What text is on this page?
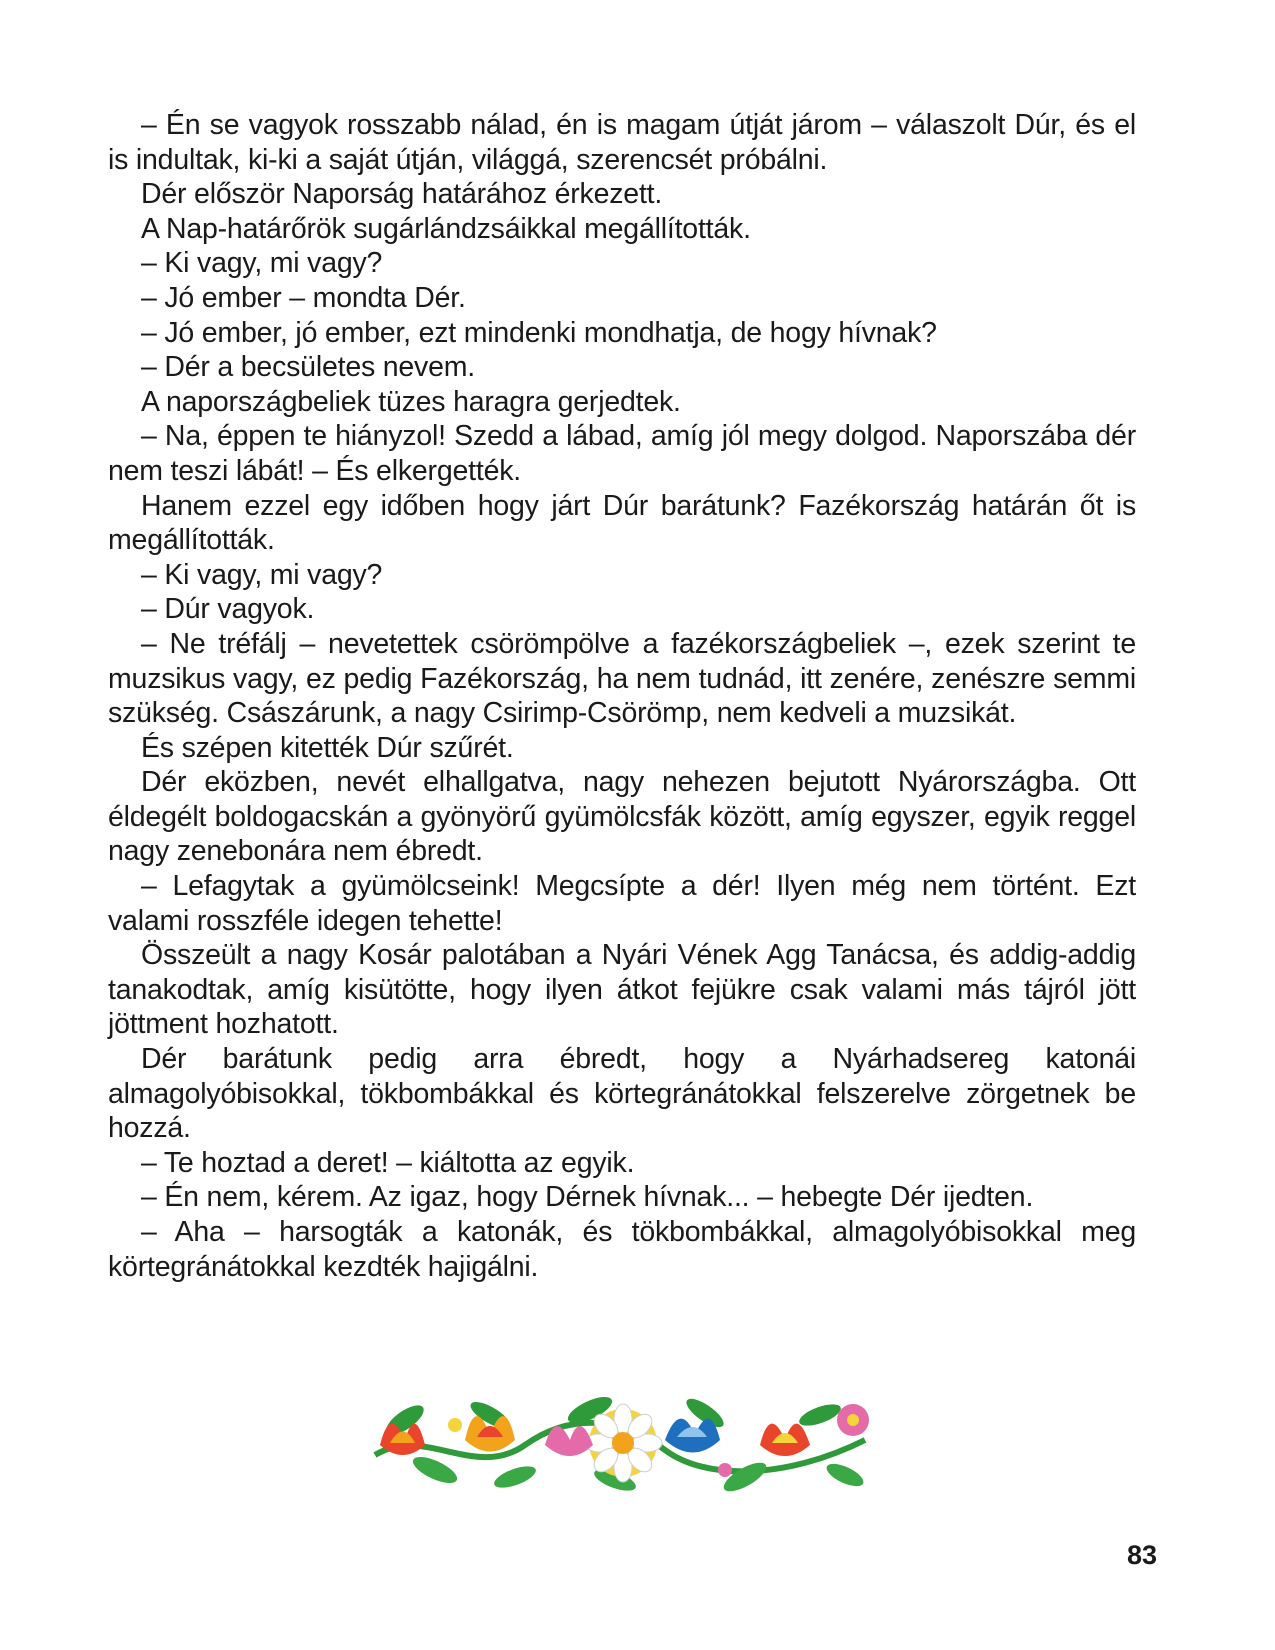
– Én se vagyok rosszabb nálad, én is magam útját járom – válaszolt Dúr, és el is indultak, ki-ki a saját útján, világgá, szerencsét próbálni.

Dér először Naporság határához érkezett.

A Nap-határőrök sugárlándzsáikkal megállították.

– Ki vagy, mi vagy?

– Jó ember – mondta Dér.

– Jó ember, jó ember, ezt mindenki mondhatja, de hogy hívnak?

– Dér a becsületes nevem.

A napországbeliek tüzes haragra gerjedtek.

– Na, éppen te hiányzol! Szedd a lábad, amíg jól megy dolgod. Naporszába dér nem teszi lábát! – És elkergették.

Hanem ezzel egy időben hogy járt Dúr barátunk? Fazékország határán őt is megállították.

– Ki vagy, mi vagy?

– Dúr vagyok.

– Ne tréfálj – nevetettek csörömpölve a fazékországbeliek –, ezek szerint te muzsikus vagy, ez pedig Fazékország, ha nem tudnád, itt zenére, zenészre semmi szükség. Császárunk, a nagy Csirimp-Csörömp, nem kedveli a muzsikát.

És szépen kitették Dúr szűrét.

Dér eközben, nevét elhallgatva, nagy nehezen bejutott Nyárországba. Ott éldegélt boldogacskán a gyönyörű gyümölcsfák között, amíg egyszer, egyik reggel nagy zenebonára nem ébredt.

– Lefagytak a gyümölcseink! Megcsípte a dér! Ilyen még nem történt. Ezt valami rosszféle idegen tehette!

Összeült a nagy Kosár palotában a Nyári Vének Agg Tanácsa, és addig-addig tanakodtak, amíg kisütötte, hogy ilyen átkot fejükre csak valami más tájról jött jöttment hozhatott.

Dér barátunk pedig arra ébredt, hogy a Nyárhadsereg katonái almagolyóbisokkal, tökbombákkal és körtegránátokkal felszerelve zörgetnek be hozzá.

– Te hoztad a deret! – kiáltotta az egyik.

– Én nem, kérem. Az igaz, hogy Dérnek hívnak... – hebegte Dér ijedten.

– Aha – harsogták a katonák, és tökbombákkal, almagolyóbisokkal meg körtegránátokkal kezdték hajigálni.

83
